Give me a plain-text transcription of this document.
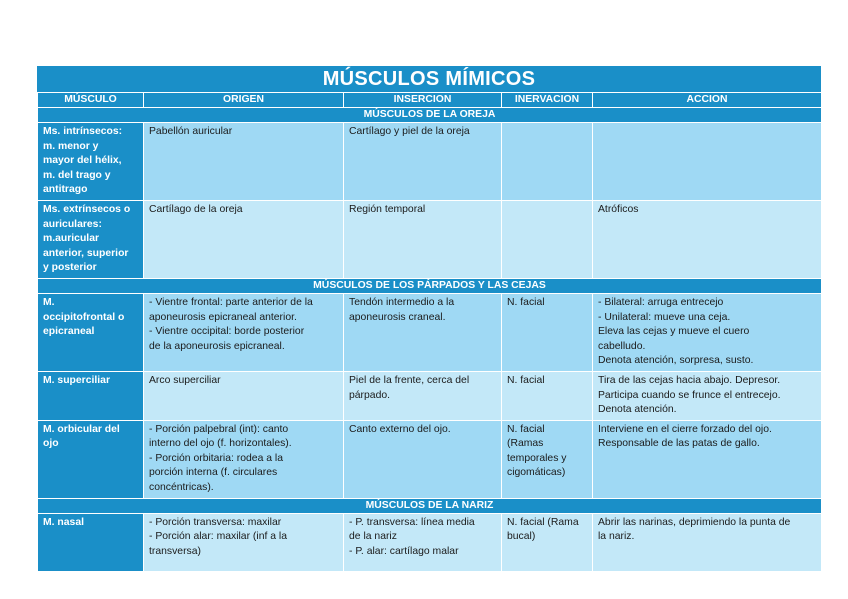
MÚSCULOS MÍMICOS
MÚSCULO	ORIGEN	INSERCION	INERVACION	ACCION
MÚSCULOS DE LA OREJA				

Ms. intrínsecos:
m. menor y
mayor del hélix,
m. del trago y
antitrago	Pabellón auricular	Cartílago y piel de la oreja		

Ms. extrínsecos o
auriculares:
m.auricular
anterior, superior
y posterior	Cartílago de la oreja	Región temporal		Atróficos

MÚSCULOS DE LOS PÁRPADOS Y LAS CEJAS				

M.
occipitofrontal o
epicraneal	- Vientre frontal: parte anterior de la
aponeurosis epicraneal anterior.
- Vientre occipital: borde posterior
de la aponeurosis epicraneal.	Tendón intermedio a la
aponeurosis craneal.	N. facial	- Bilateral: arruga entrecejo
- Unilateral: mueve una ceja.
Eleva las cejas y mueve el cuero
cabelludo.
Denota atención, sorpresa, susto.

M. superciliar	Arco superciliar	Piel de la frente, cerca del
párpado.	N. facial	Tira de las cejas hacia abajo. Depresor.
Participa cuando se frunce el entrecejo.
Denota atención.

M. orbicular del
ojo	- Porción palpebral (int): canto
interno del ojo (f. horizontales).
- Porción orbitaria: rodea a la
porción interna (f. circulares
concéntricas).	Canto externo del ojo.	N. facial
(Ramas
temporales y
cigomáticas)	Interviene en el cierre forzado del ojo.
Responsable de las patas de gallo.

MÚSCULOS DE LA NARIZ				

M. nasal	- Porción transversa: maxilar
- Porción alar: maxilar (inf a la
transversa)	- P. transversa: línea media
de la nariz
- P. alar: cartílago malar	N. facial (Rama
bucal)	Abrir las narinas, deprimiendo la punta de
la nariz.
